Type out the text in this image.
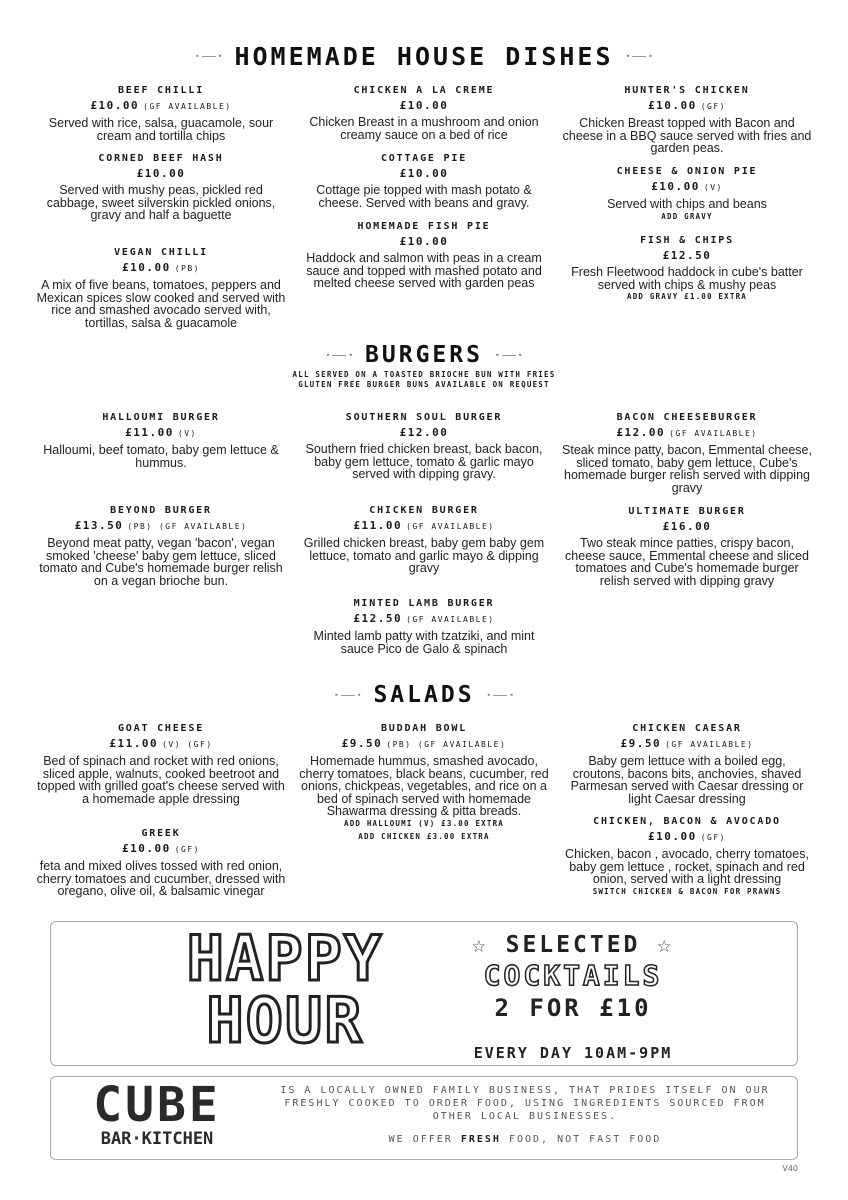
• • HOMEMADE HOUSE DISHES • •
BEEF CHILLI
£10.00 (GF AVAILABLE)
Served with rice, salsa, guacamole, sour cream and tortilla chips
CORNED BEEF HASH
£10.00
Served with mushy peas, pickled red cabbage, sweet silverskin pickled onions, gravy and half a baguette
VEGAN CHILLI
£10.00 (PB)
A mix of five beans, tomatoes, peppers and Mexican spices slow cooked and served with rice and smashed avocado served with, tortillas, salsa & guacamole
CHICKEN A LA CREME
£10.00
Chicken Breast in a mushroom and onion creamy sauce on a bed of rice
COTTAGE PIE
£10.00
Cottage pie topped with mash potato & cheese. Served with beans and gravy.
HOMEMADE FISH PIE
£10.00
Haddock and salmon with peas in a cream sauce and topped with mashed potato and melted cheese served with garden peas
HUNTER'S CHICKEN
£10.00 (GF)
Chicken Breast topped with Bacon and cheese in a BBQ sauce served with fries and garden peas.
CHEESE & ONION PIE
£10.00 (V)
Served with chips and beans
ADD GRAVY
FISH & CHIPS
£12.50
Fresh Fleetwood haddock in cube's batter served with chips & mushy peas
ADD GRAVY £1.00 EXTRA
• • BURGERS • •
ALL SERVED ON A TOASTED BRIOCHE BUN WITH FRIES
GLUTEN FREE BURGER BUNS AVAILABLE ON REQUEST
HALLOUMI BURGER
£11.00 (V)
Halloumi, beef tomato, baby gem lettuce & hummus.
BEYOND BURGER
£13.50 (PB) (GF AVAILABLE)
Beyond meat patty, vegan 'bacon', vegan smoked 'cheese' baby gem lettuce, sliced tomato and Cube's homemade burger relish on a vegan brioche bun.
SOUTHERN SOUL BURGER
£12.00
Southern fried chicken breast, back bacon, baby gem lettuce, tomato & garlic mayo served with dipping gravy.
CHICKEN BURGER
£11.00 (GF AVAILABLE)
Grilled chicken breast, baby gem baby gem lettuce, tomato and garlic mayo & dipping gravy
MINTED LAMB BURGER
£12.50 (GF AVAILABLE)
Minted lamb patty with tzatziki, and mint sauce Pico de Galo & spinach
BACON CHEESEBURGER
£12.00 (GF AVAILABLE)
Steak mince patty, bacon, Emmental cheese, sliced tomato, baby gem lettuce, Cube's homemade burger relish served with dipping gravy
ULTIMATE BURGER
£16.00
Two steak mince patties, crispy bacon, cheese sauce, Emmental cheese and sliced tomatoes and Cube's homemade burger relish served with dipping gravy
• • SALADS • •
GOAT CHEESE
£11.00 (V) (GF)
Bed of spinach and rocket with red onions, sliced apple, walnuts, cooked beetroot and topped with grilled goat's cheese served with a homemade apple dressing
GREEK
£10.00 (GF)
feta and mixed olives tossed with red onion, cherry tomatoes and cucumber, dressed with oregano, olive oil, & balsamic vinegar
BUDDAH BOWL
£9.50 (PB) (GF AVAILABLE)
Homemade hummus, smashed avocado, cherry tomatoes, black beans, cucumber, red onions, chickpeas, vegetables, and rice on a bed of spinach served with homemade Shawarma dressing & pitta breads.
ADD HALLOUMI (V) £3.00 EXTRA
ADD CHICKEN £3.00 EXTRA
CHICKEN CAESAR
£9.50 (GF AVAILABLE)
Baby gem lettuce with a boiled egg, croutons, bacons bits, anchovies, shaved Parmesan served with Caesar dressing or light Caesar dressing
CHICKEN, BACON & AVOCADO
£10.00 (GF)
Chicken, bacon , avocado, cherry tomatoes, baby gem lettuce , rocket, spinach and red onion, served with a light dressing
SWITCH CHICKEN & BACON FOR PRAWNS
HAPPY
HOUR
☆ SELECTED ☆
COCKTAILS
2 FOR £10
EVERY DAY 10AM-9PM
CUBE
BAR·KITCHEN
IS A LOCALLY OWNED FAMILY BUSINESS, THAT PRIDES ITSELF ON OUR FRESHLY COOKED TO ORDER FOOD, USING INGREDIENTS SOURCED FROM OTHER LOCAL BUSINESSES.
WE OFFER FRESH FOOD, NOT FAST FOOD
V40
